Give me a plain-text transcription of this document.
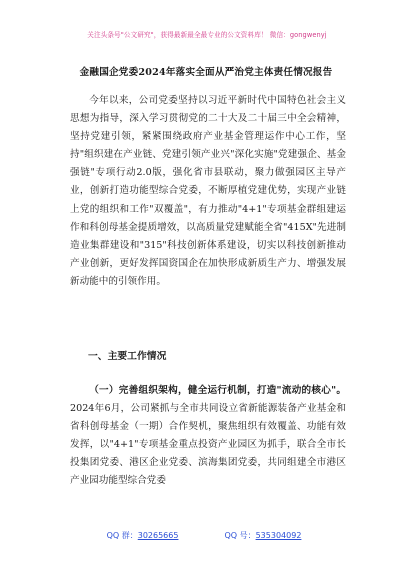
关注头条号"公文研究"，获得最新最全最专业的公文资料库！ 微信：gongwenyj
金融国企党委2024年落实全面从严治党主体责任情况报告

今年以来，公司党委坚持以习近平新时代中国特色社会主义思想为指导，深入学习贯彻党的二十大及二十届三中全会精神，坚持党建引领，紧紧围绕政府产业基金管理运作中心工作，坚持"组织建在产业链、党建引领产业兴"深化实施"党建强企、基金强链"专项行动2.0版，强化省市县联动，聚力做强园区主导产业，创新打造功能型综合党委，不断厚植党建优势，实现产业链上党的组织和工作"双覆盖"，有力推动"4+1"专项基金群组建运作和科创母基金提质增效，以高质量党建赋能全省"415X"先进制造业集群建设和"315"科技创新体系建设，切实以科技创新推动产业创新，更好发挥国资国企在加快形成新质生产力、增强发展新动能中的引领作用。

一、主要工作情况
（一）完善组织架构，健全运行机制，打造"流动的核心"。2024年6月，公司紧抓与全市共同设立省新能源装备产业基金和省科创母基金（一期）合作契机，聚焦组织有效覆盖、功能有效发挥，以"4+1"专项基金重点投资产业园区为抓手，联合全市长投集团党委、港区企业党委、滨海集团党委，共同组建全市港区产业园功能型综合党委
QQ 群：30265665	QQ 号：535304092
